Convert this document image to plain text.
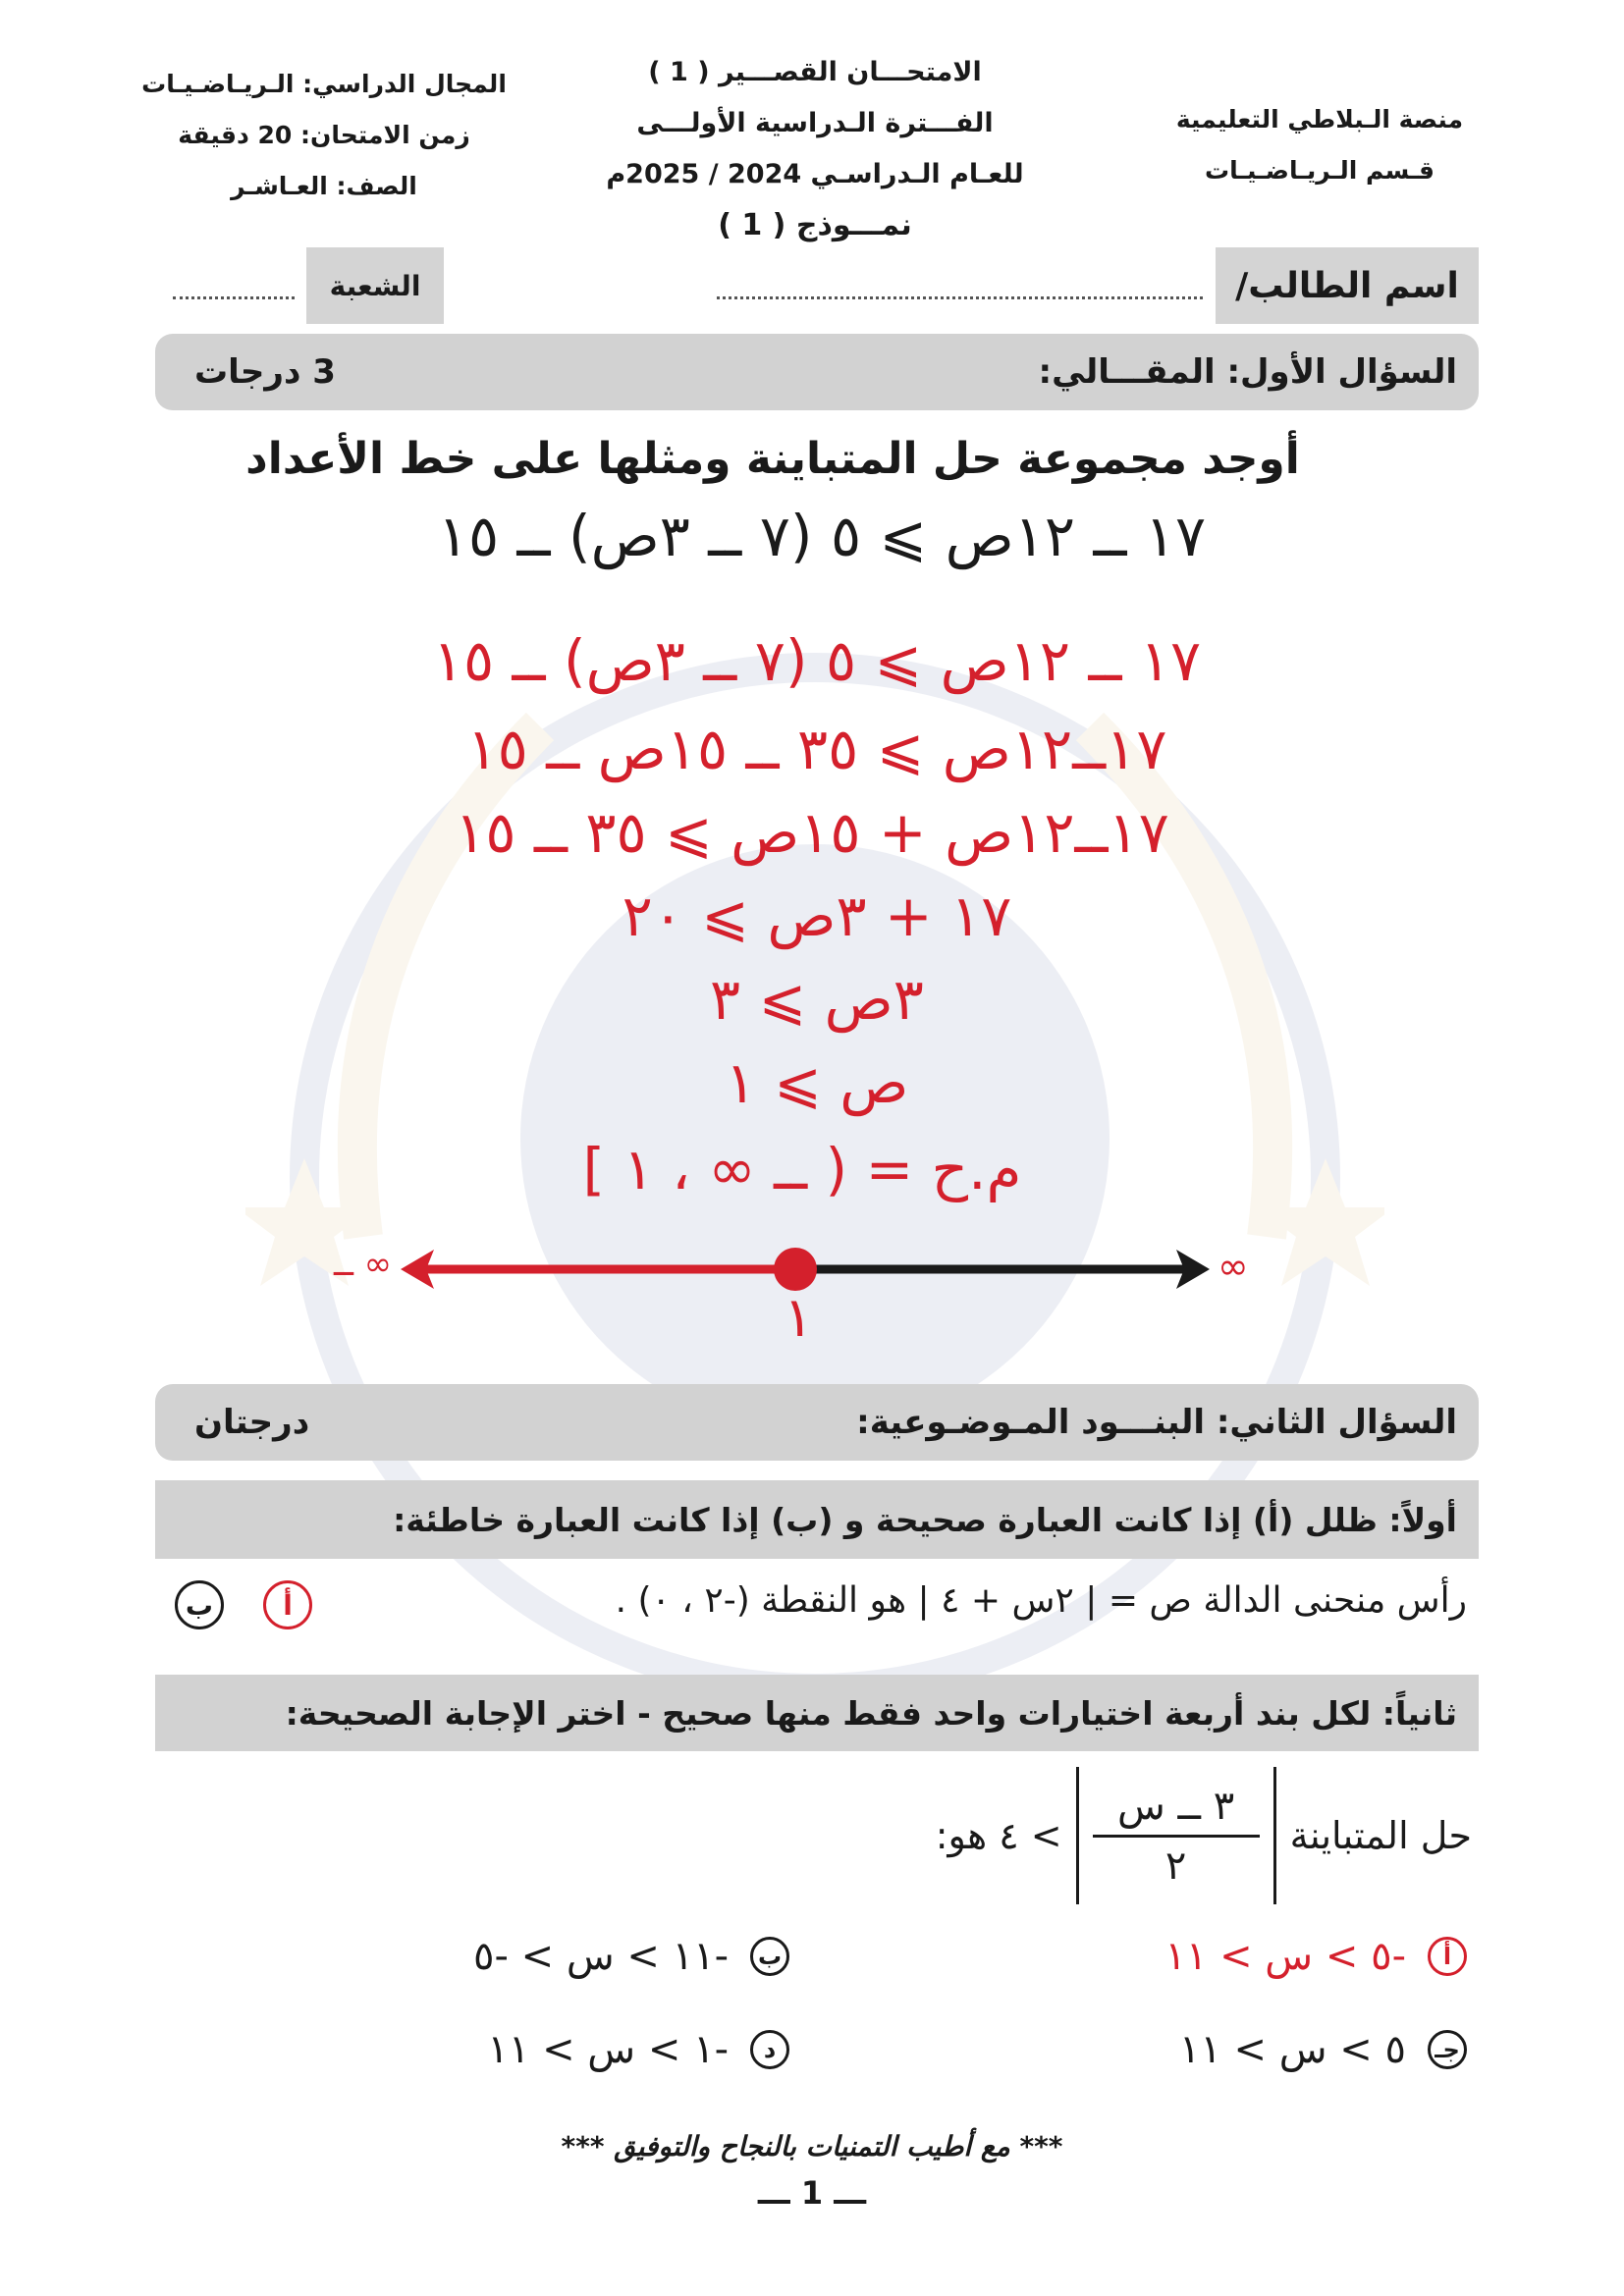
منصة الـبلاطي التعليمية
قـسم الـريـاضـيـات
الامتحـــان القصـــير ( 1 )
الفـــترة الـدراسية الأولـــى
للعـام الـدراسـي 2024 / 2025م
نمـــوذج ( 1 )
المجال الدراسي: الـريـاضـيـات
زمن الامتحان: 20 دقيقة
الصف: العـاشـر
اسم الطالب/
الشعبة
السؤال الأول: المقـــالي:
3 درجات
أوجد مجموعة حل المتباينة ومثلها على خط الأعداد
١٧ ــ ١٢ص ⩾ ٥ (٧ ــ ٣ص) ــ ١٥
١٧ ــ ١٢ص ⩾ ٥ (٧ ــ ٣ص) ــ ١٥
١٧ــ١٢ص ⩾ ٣٥ ــ ١٥ص ــ ١٥
١٧ــ١٢ص + ١٥ص ⩾ ٣٥ ــ ١٥
١٧ + ٣ص ⩾ ٢٠
٣ص ⩾ ٣
ص ⩾ ١
م.ح = ( ــ ∞ ، ١ ]
ــ ∞	∞
١
السؤال الثاني: البنـــود المـوضـوعية:
درجتان
أولاً: ظلل (أ) إذا كانت العبارة صحيحة و (ب) إذا كانت العبارة خاطئة:
رأس منحنى الدالة ص = | ٢س + ٤ | هو النقطة (-٢ ، ٠) .
ب	أ
ثانياً: لكل بند أربعة اختيارات واحد فقط منها صحيح - اختر الإجابة الصحيحة:
حل المتباينة
٣ ــ س
٢
> ٤ هو:
أ
-٥ > س > ١١
ب
-١١ > س > -٥
جـ
٥ > س > ١١
د
-١ > س > ١١
*** مع أطيب التمنيات بالنجاح والتوفيق ***
ـــ 1 ـــ
